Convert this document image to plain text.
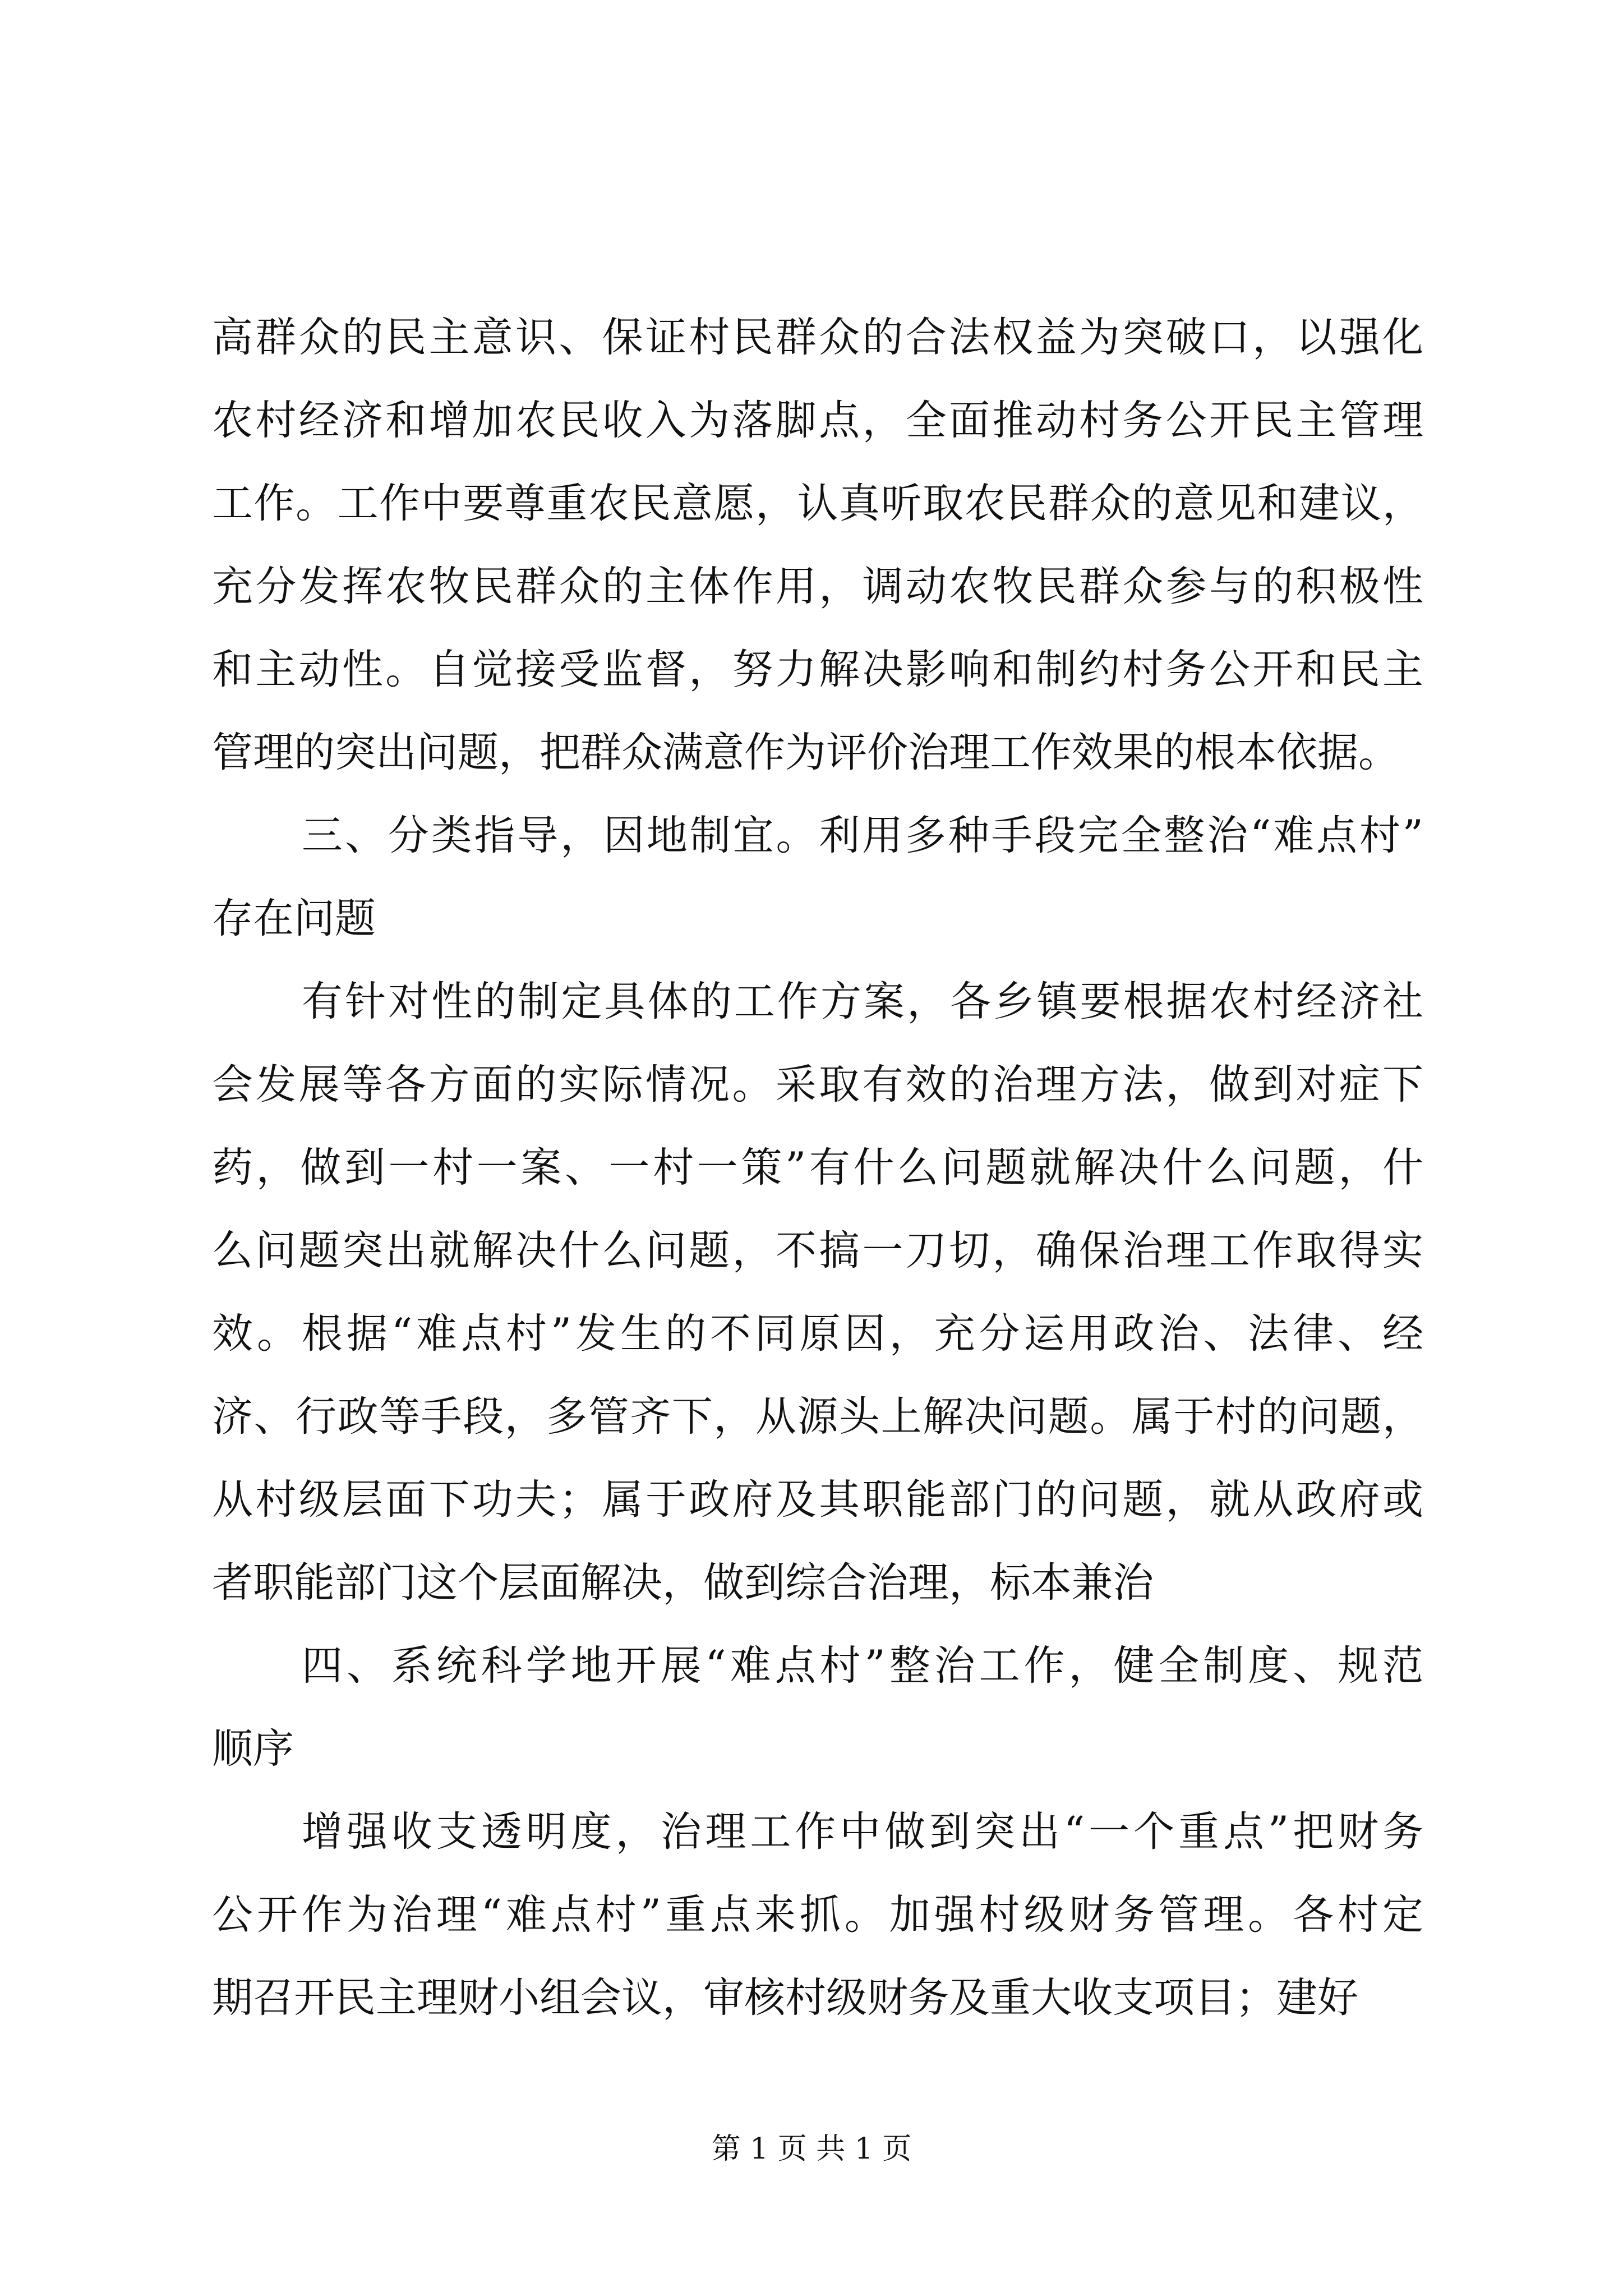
高群众的民主意识、保证村民群众的合法权益为突破口，以强化
农村经济和增加农民收入为落脚点，全面推动村务公开民主管理
工作。工作中要尊重农民意愿，认真听取农民群众的意见和建议，
充分发挥农牧民群众的主体作用，调动农牧民群众参与的积极性
和主动性。自觉接受监督，努力解决影响和制约村务公开和民主
管理的突出问题，把群众满意作为评价治理工作效果的根本依据。
三、分类指导，因地制宜。利用多种手段完全整治“难点村”
存在问题
有针对性的制定具体的工作方案，各乡镇要根据农村经济社
会发展等各方面的实际情况。采取有效的治理方法，做到对症下
药，做到一村一案、一村一策”有什么问题就解决什么问题，什
么问题突出就解决什么问题，不搞一刀切，确保治理工作取得实
效。根据“难点村”发生的不同原因，充分运用政治、法律、经
济、行政等手段，多管齐下，从源头上解决问题。属于村的问题，
从村级层面下功夫；属于政府及其职能部门的问题，就从政府或
者职能部门这个层面解决，做到综合治理，标本兼治
四、系统科学地开展“难点村”整治工作，健全制度、规范
顺序
增强收支透明度，治理工作中做到突出“一个重点”把财务
公开作为治理“难点村”重点来抓。加强村级财务管理。各村定
期召开民主理财小组会议，审核村级财务及重大收支项目；建好
第 1 页 共 1 页
